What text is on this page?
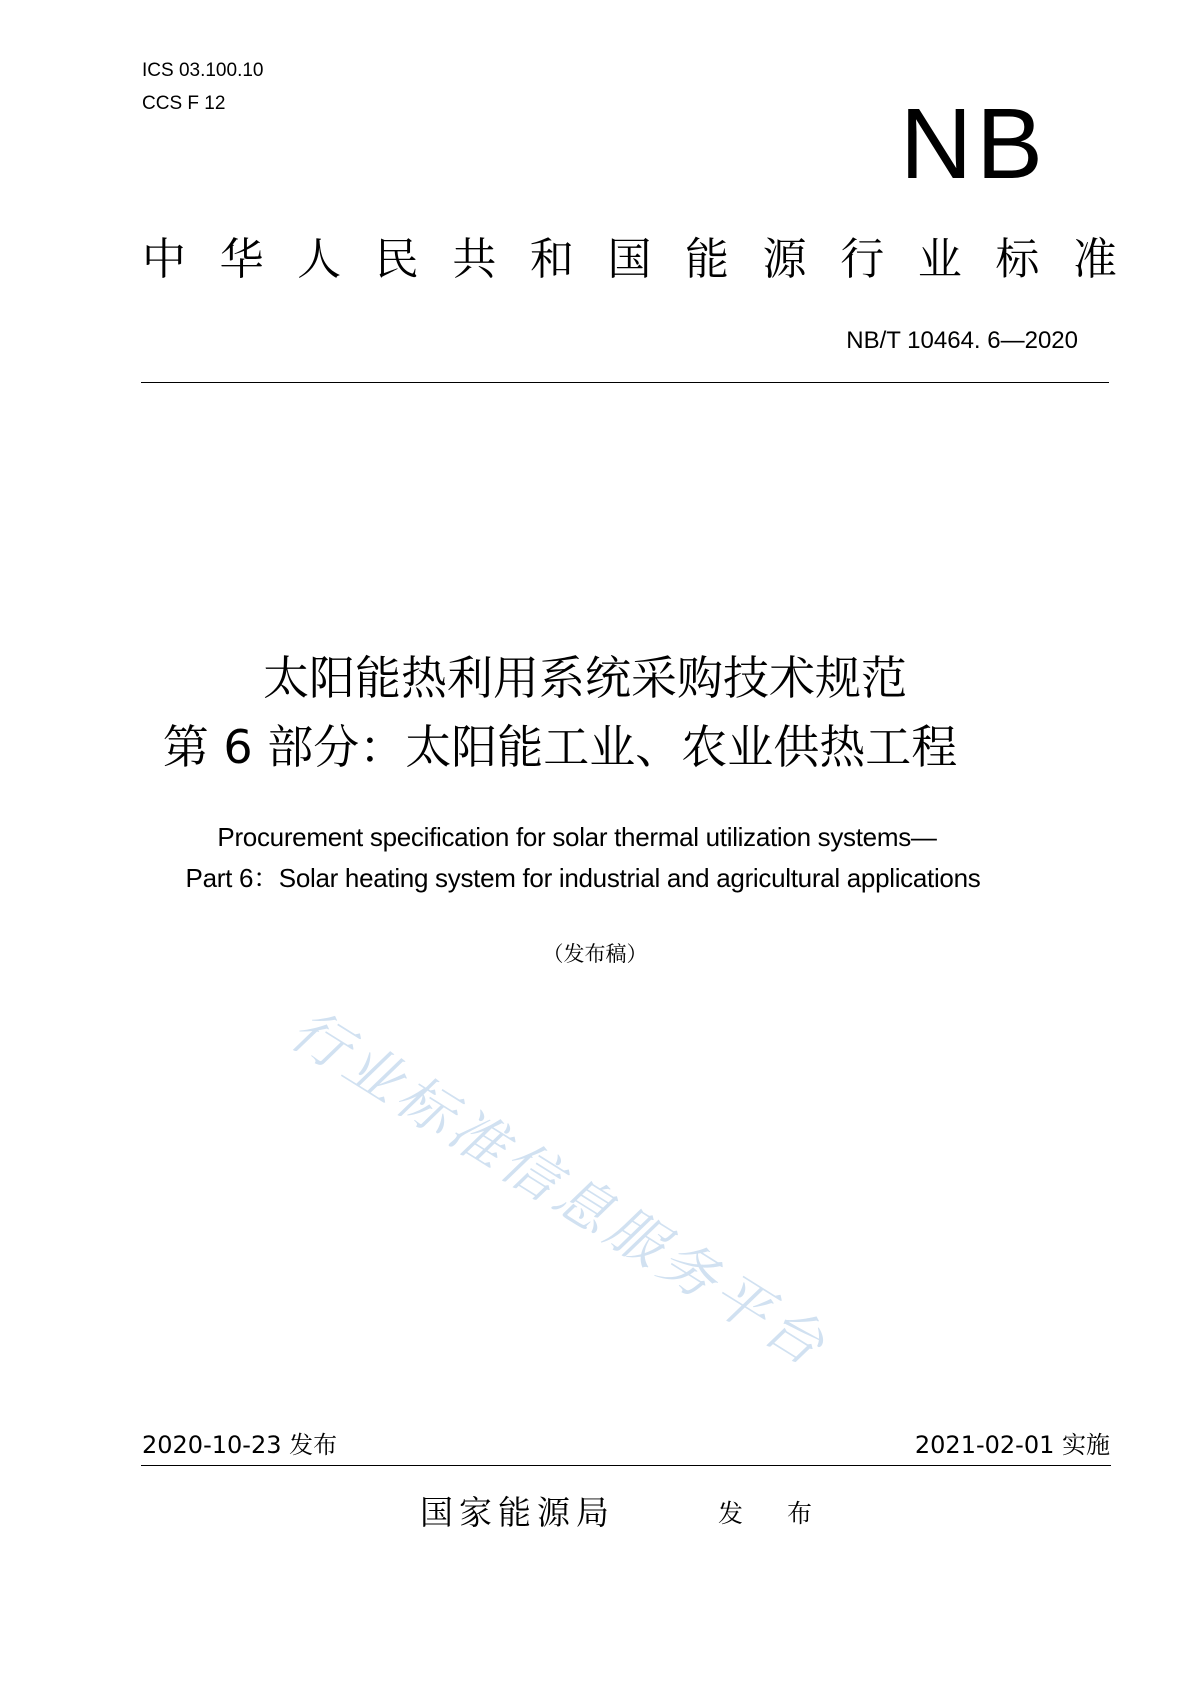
ICS 03.100.10
CCS F 12	NB
中 华 人 民 共 和 国 能 源 行 业 标 准
NB/T 10464. 6—2020
太阳能热利用系统采购技术规范
第 6 部分：太阳能工业、农业供热工程
Procurement specification for solar thermal utilization systems—
Part 6：Solar heating system for industrial and agricultural applications
（发布稿）
行业标准信息服务平台
2020-10-23 发布	2021-02-01 实施
国家能源局	发 布
